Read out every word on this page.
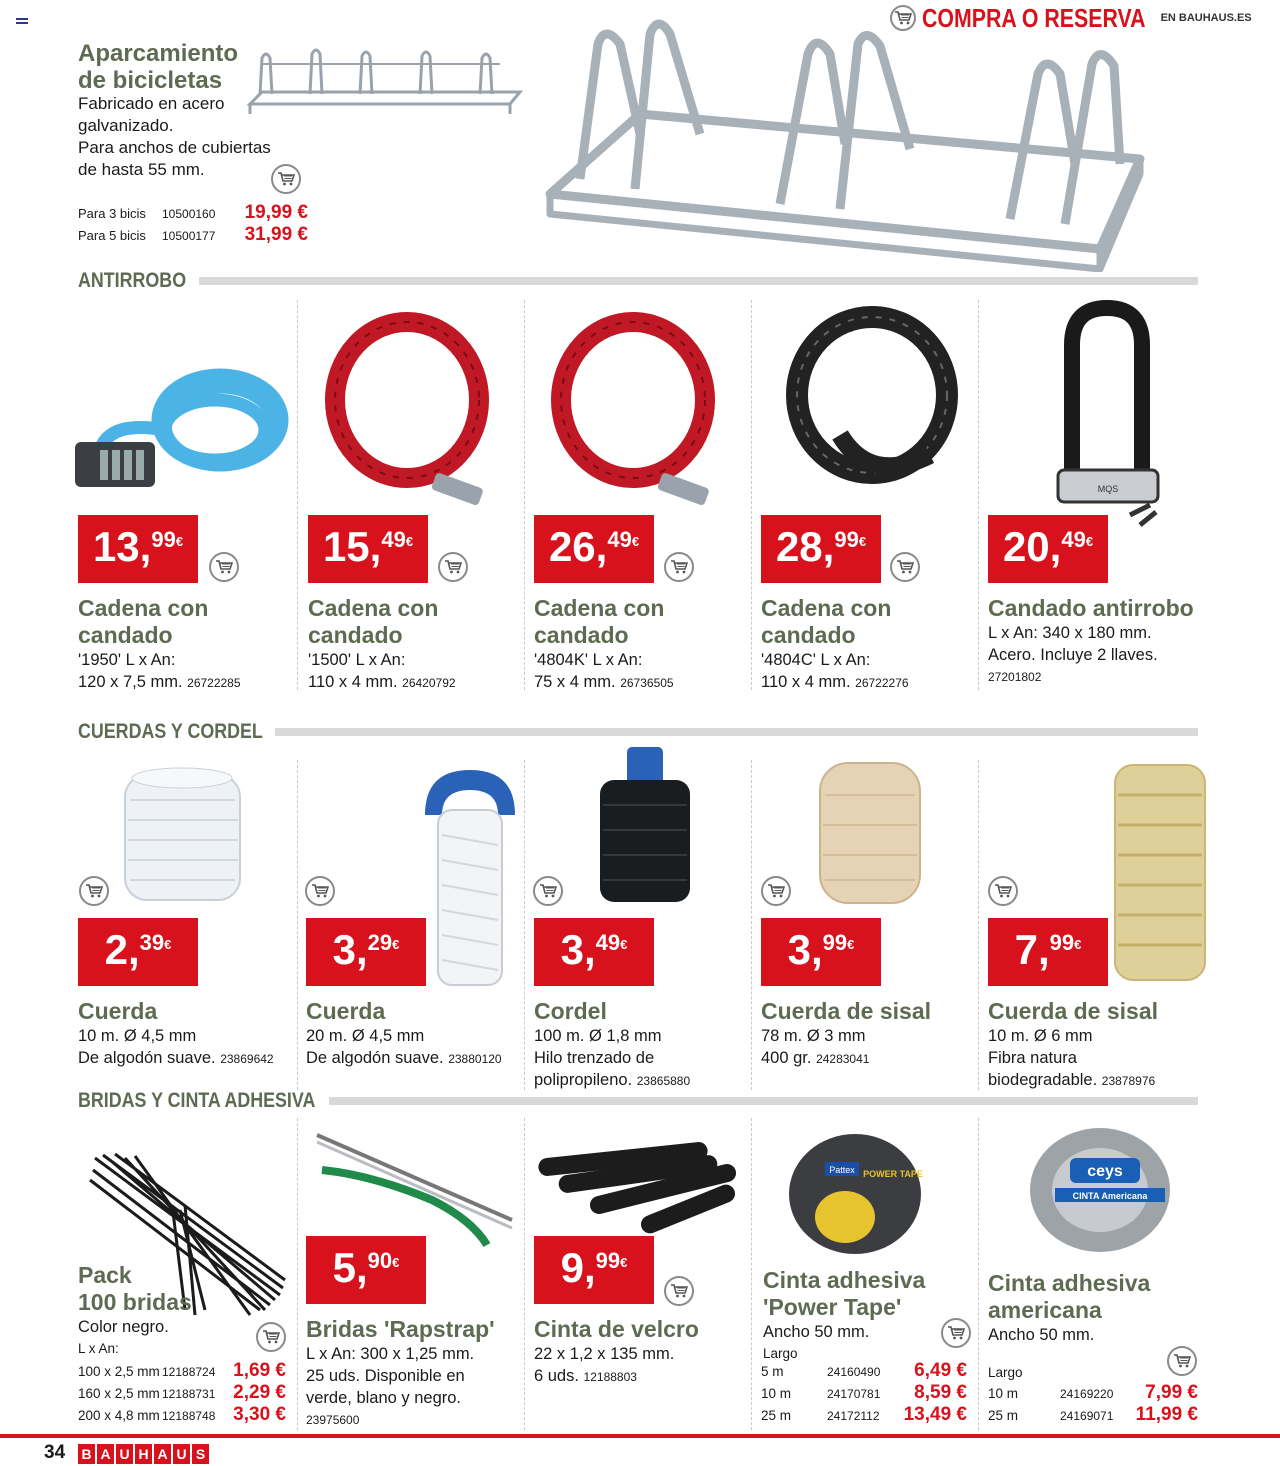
COMPRA O RESERVA EN BAUHAUS.ES
Aparcamiento
de bicicletas
Fabricado en acero
galvanizado.
Para anchos de cubiertas
de hasta 55 mm.
Para 3 bicis	10500160	19,99 €
Para 5 bicis	10500177	31,99 €
ANTIRROBO
MQS
13, 99 €	15, 49 €	26, 49 €	28, 99 €	20, 49 €
Cadena con
candado
'1950' L x An:
120 x 7,5 mm. 26722285
Cadena con
candado
'1500' L x An:
110 x 4 mm. 26420792
Cadena con
candado
'4804K' L x An:
75 x 4 mm. 26736505
Cadena con
candado
'4804C' L x An:
110 x 4 mm. 26722276
Candado antirrobo
L x An: 340 x 180 mm.
Acero. Incluye 2 llaves.
27201802
CUERDAS Y CORDEL
2, 39 €	3, 29 €	3, 49 €	3, 99 €	7, 99 €
Cuerda
10 m. Ø 4,5 mm
De algodón suave. 23869642
Cuerda
20 m. Ø 4,5 mm
De algodón suave. 23880120
Cordel
100 m. Ø 1,8 mm
Hilo trenzado de
polipropileno. 23865880
Cuerda de sisal
78 m. Ø 3 mm
400 gr. 24283041
Cuerda de sisal
10 m. Ø 6 mm
Fibra natura
biodegradable. 23878976
BRIDAS Y CINTA ADHESIVA
Pattex POWER TAPE	ceys
CINTA Americana
Pack
100 bridas
Color negro.
L x An:
100 x 2,5 mm 12188724 1,69 €
160 x 2,5 mm 12188731 2,29 €
200 x 4,8 mm 12188748 3,30 €
5, 90 €
Bridas 'Rapstrap'
L x An: 300 x 1,25 mm.
25 uds. Disponible en
verde, blano y negro.
23975600
9, 99 €
Cinta de velcro
22 x 1,2 x 135 mm.
6 uds. 12188803
Cinta adhesiva
'Power Tape'
Ancho 50 mm.
Largo
5 m	24160490 6,49 €
10 m	24170781 8,59 €
25 m	24172112 13,49 €
Cinta adhesiva
americana
Ancho 50 mm.
Largo
10 m	24169220 7,99 €
25 m	24169071 11,99 €
34 B A U H A U S
